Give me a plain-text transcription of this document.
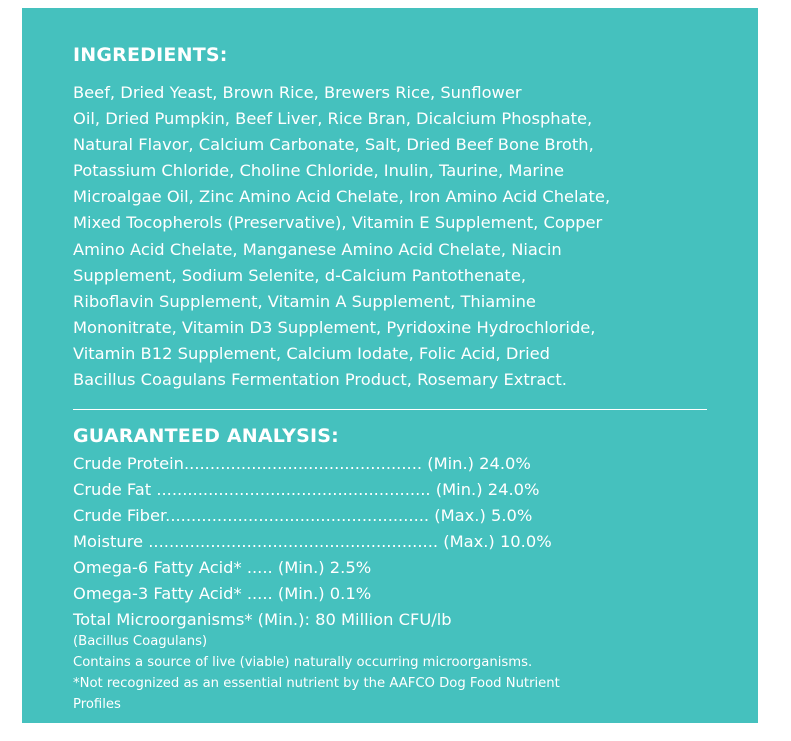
INGREDIENTS:

Beef, Dried Yeast, Brown Rice, Brewers Rice, Sunflower
Oil, Dried Pumpkin, Beef Liver, Rice Bran, Dicalcium Phosphate,
Natural Flavor, Calcium Carbonate, Salt, Dried Beef Bone Broth,
Potassium Chloride, Choline Chloride, Inulin, Taurine, Marine
Microalgae Oil, Zinc Amino Acid Chelate, Iron Amino Acid Chelate,
Mixed Tocopherols (Preservative), Vitamin E Supplement, Copper
Amino Acid Chelate, Manganese Amino Acid Chelate, Niacin
Supplement, Sodium Selenite, d-Calcium Pantothenate,
Riboflavin Supplement, Vitamin A Supplement, Thiamine
Mononitrate, Vitamin D3 Supplement, Pyridoxine Hydrochloride,
Vitamin B12 Supplement, Calcium Iodate, Folic Acid, Dried
Bacillus Coagulans Fermentation Product, Rosemary Extract.

GUARANTEED ANALYSIS:
Crude Protein.............................................. (Min.) 24.0%
Crude Fat ..................................................... (Min.) 24.0%
Crude Fiber................................................... (Max.) 5.0%
Moisture ........................................................ (Max.) 10.0%
Omega-6 Fatty Acid* ..... (Min.) 2.5%
Omega-3 Fatty Acid* ..... (Min.) 0.1%
Total Microorganisms* (Min.): 80 Million CFU/lb
(Bacillus Coagulans)
Contains a source of live (viable) naturally occurring microorganisms.
*Not recognized as an essential nutrient by the AAFCO Dog Food Nutrient
Profiles
